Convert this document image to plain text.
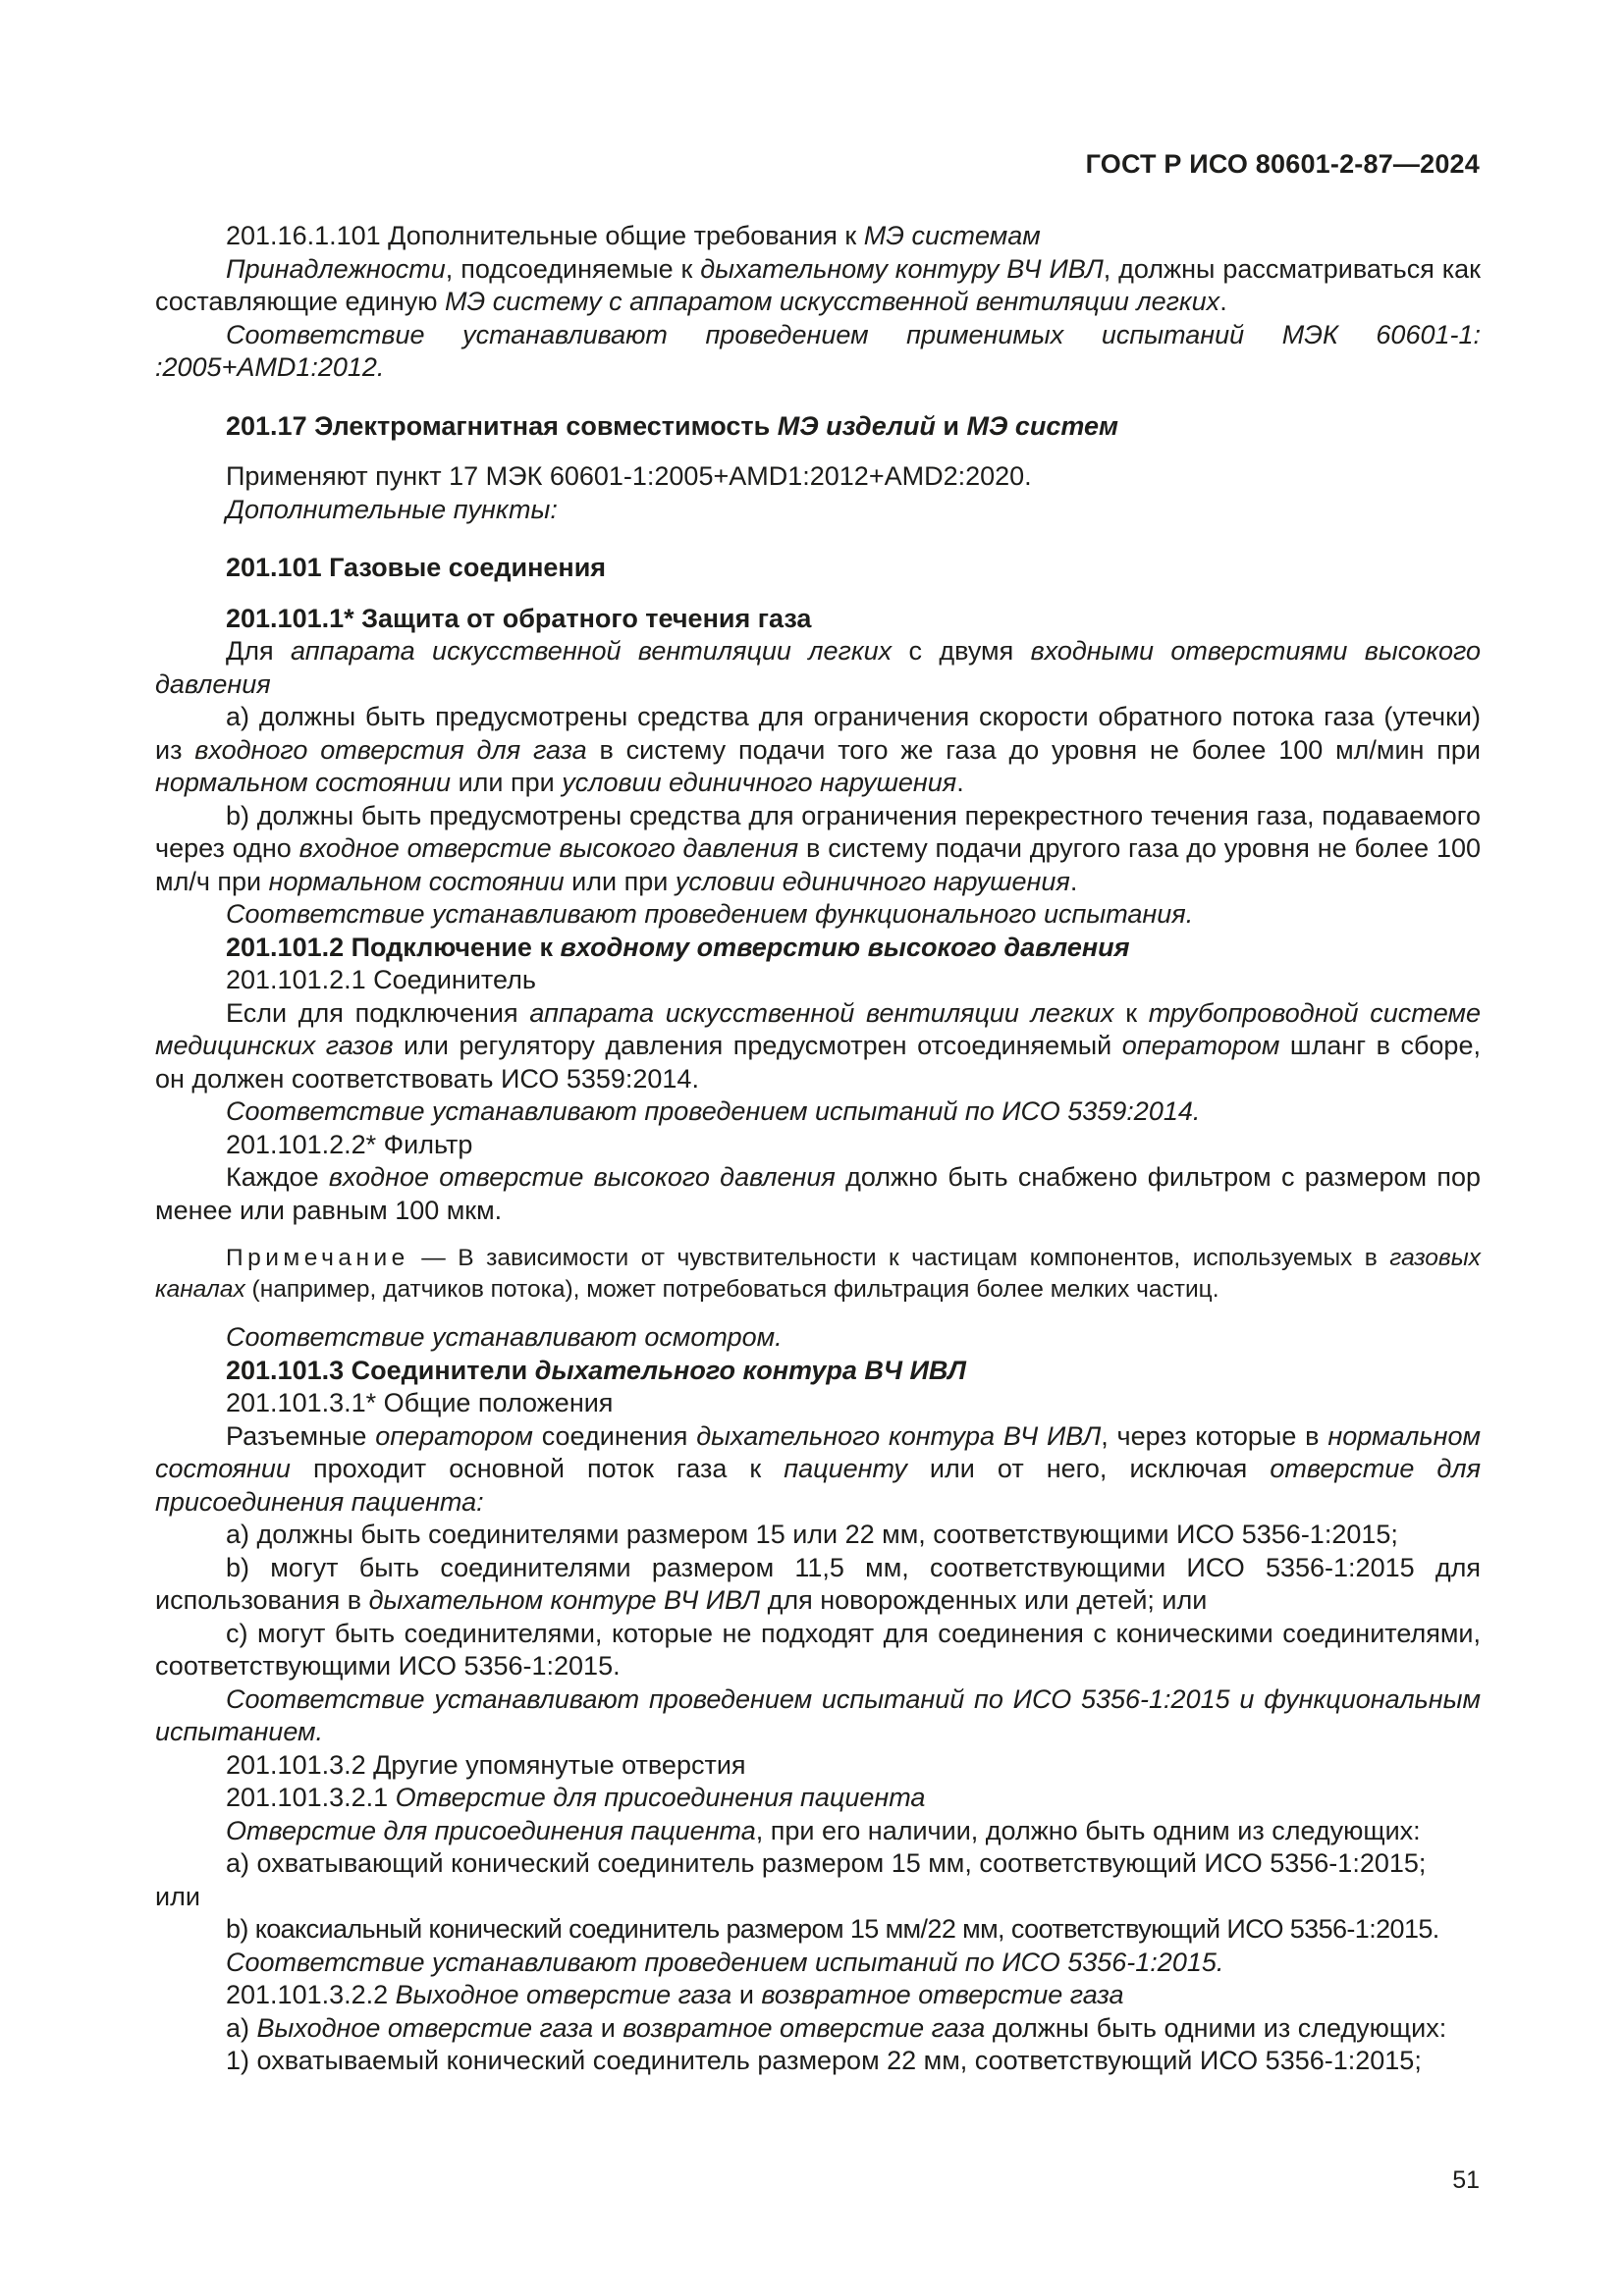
ГОСТ Р ИСО 80601-2-87—2024

201.16.1.101 Дополнительные общие требования к МЭ системам

Принадлежности, подсоединяемые к дыхательному контуру ВЧ ИВЛ, должны рассматриваться как составляющие единую МЭ систему с аппаратом искусственной вентиляции легких.

Соответствие устанавливают проведением применимых испытаний МЭК 60601-1: :2005+AMD1:2012.

201.17 Электромагнитная совместимость МЭ изделий и МЭ систем

Применяют пункт 17 МЭК 60601-1:2005+AMD1:2012+AMD2:2020.

Дополнительные пункты:

201.101 Газовые соединения

201.101.1* Защита от обратного течения газа

Для аппарата искусственной вентиляции легких с двумя входными отверстиями высокого давления

а) должны быть предусмотрены средства для ограничения скорости обратного потока газа (утечки) из входного отверстия для газа в систему подачи того же газа до уровня не более 100 мл/мин при нормальном состоянии или при условии единичного нарушения.

b) должны быть предусмотрены средства для ограничения перекрестного течения газа, подаваемого через одно входное отверстие высокого давления в систему подачи другого газа до уровня не более 100 мл/ч при нормальном состоянии или при условии единичного нарушения.

Соответствие устанавливают проведением функционального испытания.

201.101.2 Подключение к входному отверстию высокого давления

201.101.2.1 Соединитель

Если для подключения аппарата искусственной вентиляции легких к трубопроводной системе медицинских газов или регулятору давления предусмотрен отсоединяемый оператором шланг в сборе, он должен соответствовать ИСО 5359:2014.

Соответствие устанавливают проведением испытаний по ИСО 5359:2014.

201.101.2.2* Фильтр

Каждое входное отверстие высокого давления должно быть снабжено фильтром с размером пор менее или равным 100 мкм.

Примечание — В зависимости от чувствительности к частицам компонентов, используемых в газовых каналах (например, датчиков потока), может потребоваться фильтрация более мелких частиц.

Соответствие устанавливают осмотром.

201.101.3 Соединители дыхательного контура ВЧ ИВЛ

201.101.3.1* Общие положения

Разъемные оператором соединения дыхательного контура ВЧ ИВЛ, через которые в нормальном состоянии проходит основной поток газа к пациенту или от него, исключая отверстие для присоединения пациента:

а) должны быть соединителями размером 15 или 22 мм, соответствующими ИСО 5356-1:2015;

b) могут быть соединителями размером 11,5 мм, соответствующими ИСО 5356-1:2015 для использования в дыхательном контуре ВЧ ИВЛ для новорожденных или детей; или

c) могут быть соединителями, которые не подходят для соединения с коническими соединителями, соответствующими ИСО 5356-1:2015.

Соответствие устанавливают проведением испытаний по ИСО 5356-1:2015 и функциональным испытанием.

201.101.3.2 Другие упомянутые отверстия

201.101.3.2.1 Отверстие для присоединения пациента

Отверстие для присоединения пациента, при его наличии, должно быть одним из следующих:

а) охватывающий конический соединитель размером 15 мм, соответствующий ИСО 5356-1:2015;

или

b) коаксиальный конический соединитель размером 15 мм/22 мм, соответствующий ИСО 5356-1:2015.

Соответствие устанавливают проведением испытаний по ИСО 5356-1:2015.

201.101.3.2.2 Выходное отверстие газа и возвратное отверстие газа

а) Выходное отверстие газа и возвратное отверстие газа должны быть одними из следующих:

1) охватываемый конический соединитель размером 22 мм, соответствующий ИСО 5356-1:2015;

51
